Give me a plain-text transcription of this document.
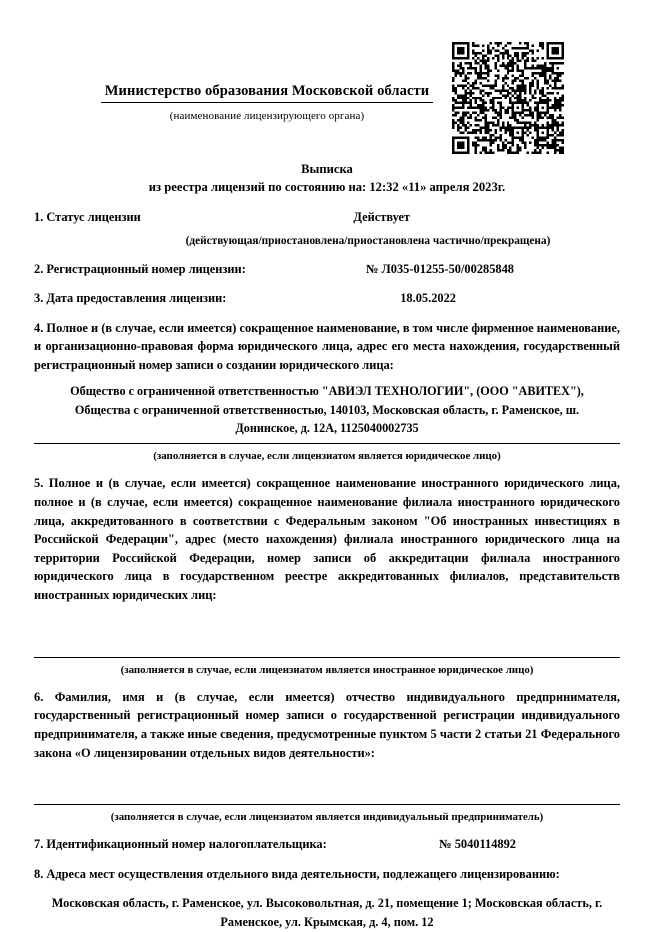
Министерство образования Московской области
(наименование лицензирующего органа)
Выписка
из реестра лицензий по состоянию на: 12:32 «11» апреля 2023г.
1. Статус лицензии	Действует
(действующая/приостановлена/приостановлена частично/прекращена)
2. Регистрационный номер лицензии:	№ Л035-01255-50/00285848
3. Дата предоставления лицензии:	18.05.2022
4. Полное и (в случае, если имеется) сокращенное наименование, в том числе фирменное наименование, и организационно-правовая форма юридического лица, адрес его места нахождения, государственный регистрационный номер записи о создании юридического лица:
Общество с ограниченной ответственностью "АВИЭЛ ТЕХНОЛОГИИ", (ООО "АВИТЕХ"),
Общества с ограниченной ответственностью, 140103, Московская область, г. Раменское, ш.
Донинское, д. 12А, 1125040002735
(заполняется в случае, если лицензиатом является юридическое лицо)
5. Полное и (в случае, если имеется) сокращенное наименование иностранного юридического лица, полное и (в случае, если имеется) сокращенное наименование филиала иностранного юридического лица, аккредитованного в соответствии с Федеральным законом "Об иностранных инвестициях в Российской Федерации", адрес (место нахождения) филиала иностранного юридического лица на территории Российской Федерации, номер записи об аккредитации филиала иностранного юридического лица в государственном реестре аккредитованных филиалов, представительств иностранных юридических лиц:
(заполняется в случае, если лицензиатом является иностранное юридическое лицо)
6. Фамилия, имя и (в случае, если имеется) отчество индивидуального предпринимателя, государственный регистрационный номер записи о государственной регистрации индивидуального предпринимателя, а также иные сведения, предусмотренные пунктом 5 части 2 статьи 21 Федерального закона «О лицензировании отдельных видов деятельности»:
(заполняется в случае, если лицензиатом является индивидуальный предприниматель)
7. Идентификационный номер налогоплательщика:	№ 5040114892
8. Адреса мест осуществления отдельного вида деятельности, подлежащего лицензированию:
Московская область, г. Раменское, ул. Высоковольтная, д. 21, помещение 1; Московская область, г.
Раменское, ул. Крымская, д. 4, пом. 12
